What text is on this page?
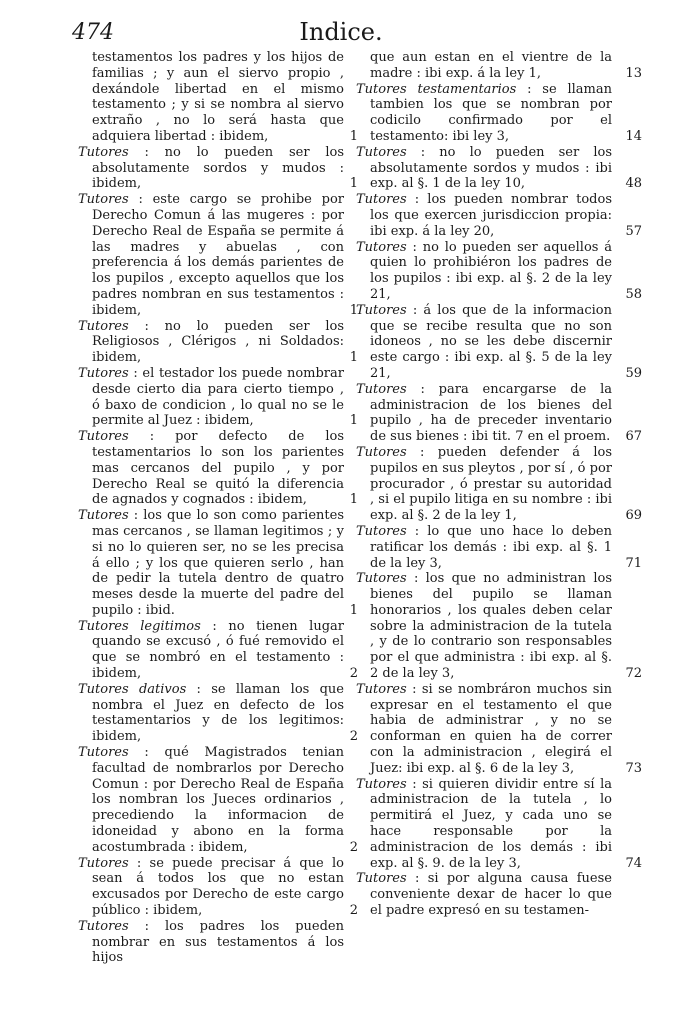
474	Indice.

testamentos los padres y los hijos de familias ; y aun el siervo propio , dexándole libertad en el mismo testamento ; y si se nombra al siervo extraño , no lo será hasta que adquiera libertad : ibidem,	1

Tutores : no lo pueden ser los absolutamente sordos y mudos : ibidem,	1

Tutores : este cargo se prohibe por Derecho Comun á las mugeres : por Derecho Real de España se permite á las madres y abuelas , con preferencia á los demás parientes de los pupilos , excepto aquellos que los padres nombran en sus testamentos : ibidem,	1

Tutores : no lo pueden ser los Religiosos , Clérigos , ni Soldados: ibidem,	1

Tutores : el testador los puede nombrar desde cierto dia para cierto tiempo , ó baxo de condicion , lo qual no se le permite al Juez : ibidem,	1

Tutores : por defecto de los testamentarios lo son los parientes mas cercanos del pupilo , y por Derecho Real se quitó la diferencia de agnados y cognados : ibidem,	1

Tutores : los que lo son como parientes mas cercanos , se llaman legitimos ; y si no lo quieren ser, no se les precisa á ello ; y los que quieren serlo , han de pedir la tutela dentro de quatro meses desde la muerte del padre del pupilo : ibid.	1

Tutores legitimos : no tienen lugar quando se excusó , ó fué removido el que se nombró en el testamento : ibidem,	2

Tutores dativos : se llaman los que nombra el Juez en defecto de los testamentarios y de los legitimos: ibidem,	2

Tutores : qué Magistrados tenian facultad de nombrarlos por Derecho Comun : por Derecho Real de España los nombran los Jueces ordinarios , precediendo la informacion de idoneidad y abono en la forma acostumbrada : ibidem,	2

Tutores : se puede precisar á que lo sean á todos los que no estan excusados por Derecho de este cargo público : ibidem,	2

Tutores : los padres los pueden nombrar en sus testamentos á los hijos

que aun estan en el vientre de la madre : ibi exp. á la ley 1,	13

Tutores testamentarios : se llaman tambien los que se nombran por codicilo confirmado por el testamento: ibi ley 3,	14

Tutores : no lo pueden ser los absolutamente sordos y mudos : ibi exp. al §. 1 de la ley 10,	48

Tutores : los pueden nombrar todos los que exercen jurisdiccion propia: ibi exp. á la ley 20,	57

Tutores : no lo pueden ser aquellos á quien lo prohibiéron los padres de los pupilos : ibi exp. al §. 2 de la ley 21,	58

Tutores : á los que de la informacion que se recibe resulta que no son idoneos , no se les debe discernir este cargo : ibi exp. al §. 5 de la ley 21,	59

Tutores : para encargarse de la administracion de los bienes del pupilo , ha de preceder inventario de sus bienes : ibi tit. 7 en el proem. 67

Tutores : pueden defender á los pupilos en sus pleytos , por sí , ó por procurador , ó prestar su autoridad , si el pupilo litiga en su nombre : ibi exp. al §. 2 de la ley 1,	69

Tutores : lo que uno hace lo deben ratificar los demás : ibi exp. al §. 1 de la ley 3,	71

Tutores : los que no administran los bienes del pupilo se llaman honorarios , los quales deben celar sobre la administracion de la tutela , y de lo contrario son responsables por el que administra : ibi exp. al §. 2 de la ley 3,	72

Tutores : si se nombráron muchos sin expresar en el testamento el que habia de administrar , y no se conforman en quien ha de correr con la administracion , elegirá el Juez: ibi exp. al §. 6 de la ley 3,	73

Tutores : si quieren dividir entre sí la administracion de la tutela , lo permitirá el Juez, y cada uno se hace responsable por la administracion de los demás : ibi exp. al §. 9. de la ley 3,	74

Tutores : si por alguna causa fuese conveniente dexar de hacer lo que el padre expresó en su testamen-
